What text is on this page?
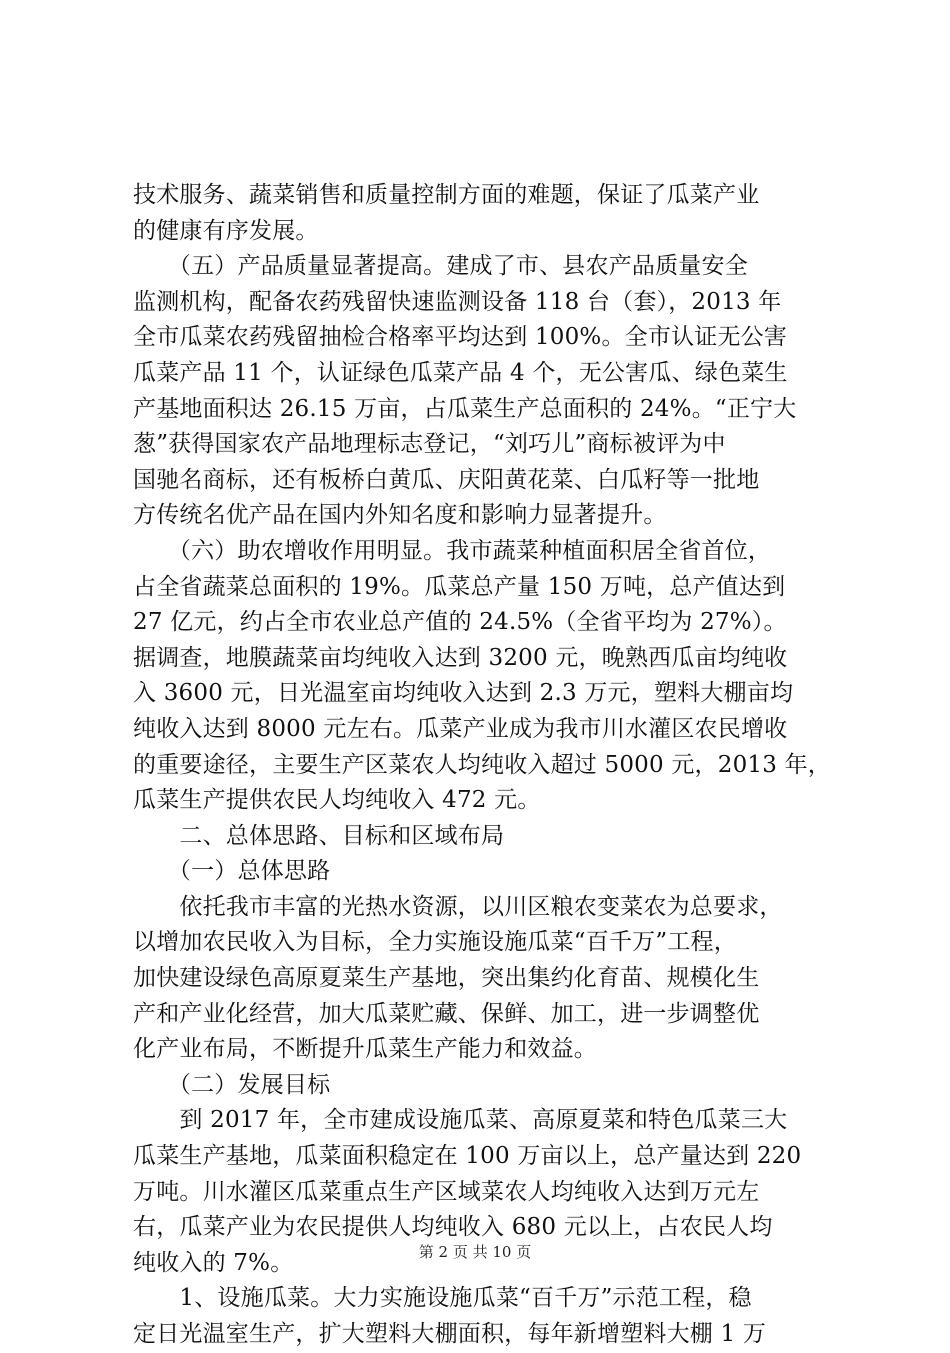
技术服务、蔬菜销售和质量控制方面的难题，保证了瓜菜产业
的健康有序发展。
　　（五）产品质量显著提高。建成了市、县农产品质量安全
监测机构，配备农药残留快速监测设备 118 台（套），2013 年
全市瓜菜农药残留抽检合格率平均达到 100%。全市认证无公害
瓜菜产品 11 个，认证绿色瓜菜产品 4 个，无公害瓜、绿色菜生
产基地面积达 26.15 万亩，占瓜菜生产总面积的 24%。“正宁大
葱”获得国家农产品地理标志登记，“刘巧儿”商标被评为中
国驰名商标，还有板桥白黄瓜、庆阳黄花菜、白瓜籽等一批地
方传统名优产品在国内外知名度和影响力显著提升。
　　（六）助农增收作用明显。我市蔬菜种植面积居全省首位，
占全省蔬菜总面积的 19%。瓜菜总产量 150 万吨，总产值达到
27 亿元，约占全市农业总产值的 24.5%（全省平均为 27%）。
据调查，地膜蔬菜亩均纯收入达到 3200 元，晚熟西瓜亩均纯收
入 3600 元，日光温室亩均纯收入达到 2.3 万元，塑料大棚亩均
纯收入达到 8000 元左右。瓜菜产业成为我市川水灌区农民增收
的重要途径，主要生产区菜农人均纯收入超过 5000 元，2013 年，
瓜菜生产提供农民人均纯收入 472 元。
　　二、总体思路、目标和区域布局
　　（一）总体思路
　　依托我市丰富的光热水资源，以川区粮农变菜农为总要求，
以增加农民收入为目标，全力实施设施瓜菜“百千万”工程，
加快建设绿色高原夏菜生产基地，突出集约化育苗、规模化生
产和产业化经营，加大瓜菜贮藏、保鲜、加工，进一步调整优
化产业布局，不断提升瓜菜生产能力和效益。
　　（二）发展目标
　　到 2017 年，全市建成设施瓜菜、高原夏菜和特色瓜菜三大
瓜菜生产基地，瓜菜面积稳定在 100 万亩以上，总产量达到 220
万吨。川水灌区瓜菜重点生产区域菜农人均纯收入达到万元左
右，瓜菜产业为农民提供人均纯收入 680 元以上，占农民人均
纯收入的 7%。
　　1、设施瓜菜。大力实施设施瓜菜“百千万”示范工程，稳
定日光温室生产，扩大塑料大棚面积，每年新增塑料大棚 1 万
第 2 页 共 10 页
